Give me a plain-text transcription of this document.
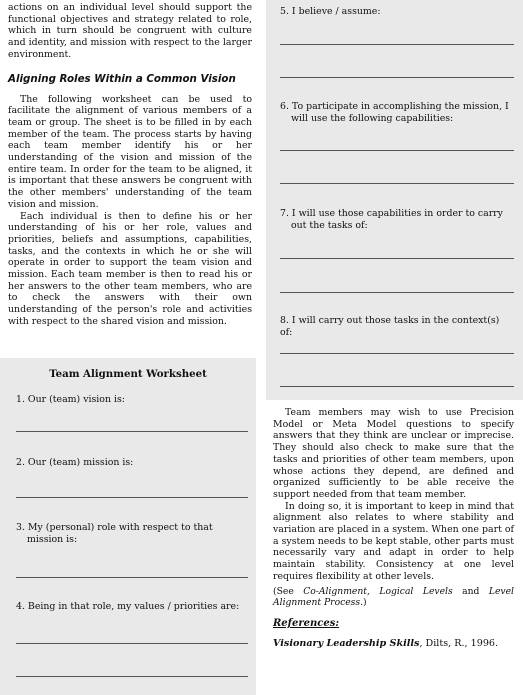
actions on an individual level should support the functional objectives and strategy related to role, which in turn should be congruent with culture and identity, and mission with respect to the larger environment.

Aligning Roles Within a Common Vision

The following worksheet can be used to facilitate the alignment of various members of a team or group. The sheet is to be filled in by each member of the team. The process starts by having each team member identify his or her understanding of the vision and mission of the entire team. In order for the team to be aligned, it is important that these answers be congruent with the other members' understanding of the team vision and mission.

Each individual is then to define his or her understanding of his or her role, values and priorities, beliefs and assumptions, capabilities, tasks, and the contexts in which he or she will operate in order to support the team vision and mission. Each team member is then to read his or her answers to the other team members, who are to check the answers with their own understanding of the person's role and activities with respect to the shared vision and mission.

Team Alignment Worksheet
1. Our (team) vision is:
2. Our (team) mission is:
3. My (personal) role with respect to that mission is:
4. Being in that role, my values / priorities are:
5. I believe / assume:
6. To participate in accomplishing the mission, I will use the following capabilities:
7. I will use those capabilities in order to carry out the tasks of:
8. I will carry out those tasks in the context(s) of:

Team members may wish to use Precision Model or Meta Model questions to specify answers that they think are unclear or imprecise. They should also check to make sure that the tasks and priorities of other team members, upon whose actions they depend, are defined and organized sufficiently to be able receive the support needed from that team member.

In doing so, it is important to keep in mind that alignment also relates to where stability and variation are placed in a system. When one part of a system needs to be kept stable, other parts must necessarily vary and adapt in order to help maintain stability. Consistency at one level requires flexibility at other levels.

(See Co-Alignment, Logical Levels and Level Alignment Process.)

References:
Visionary Leadership Skills, Dilts, R., 1996.
